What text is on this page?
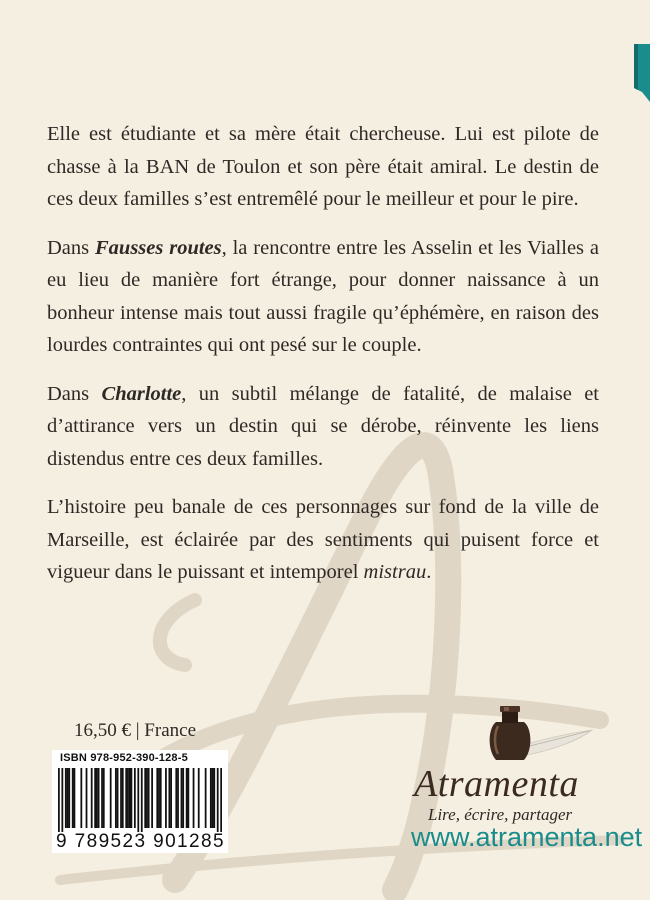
Elle est étudiante et sa mère était chercheuse. Lui est pilote de chasse à la BAN de Toulon et son père était amiral. Le destin de ces deux familles s’est entremêlé pour le meilleur et pour le pire.

Dans Fausses routes, la rencontre entre les Asselin et les Vialles a eu lieu de manière fort étrange, pour donner naissance à un bonheur intense mais tout aussi fragile qu’éphémère, en raison des lourdes contraintes qui ont pesé sur le couple.

Dans Charlotte, un subtil mélange de fatalité, de malaise et d’attirance vers un destin qui se dérobe, réinvente les liens distendus entre ces deux familles.

L’histoire peu banale de ces personnages sur fond de la ville de Marseille, est éclairée par des sentiments qui puisent force et vigueur dans le puissant et intemporel mistrau.

16,50 € | France
ISBN 978-952-390-128-5
9 789523 901285
Atramenta
Lire, écrire, partager
www.atramenta.net
